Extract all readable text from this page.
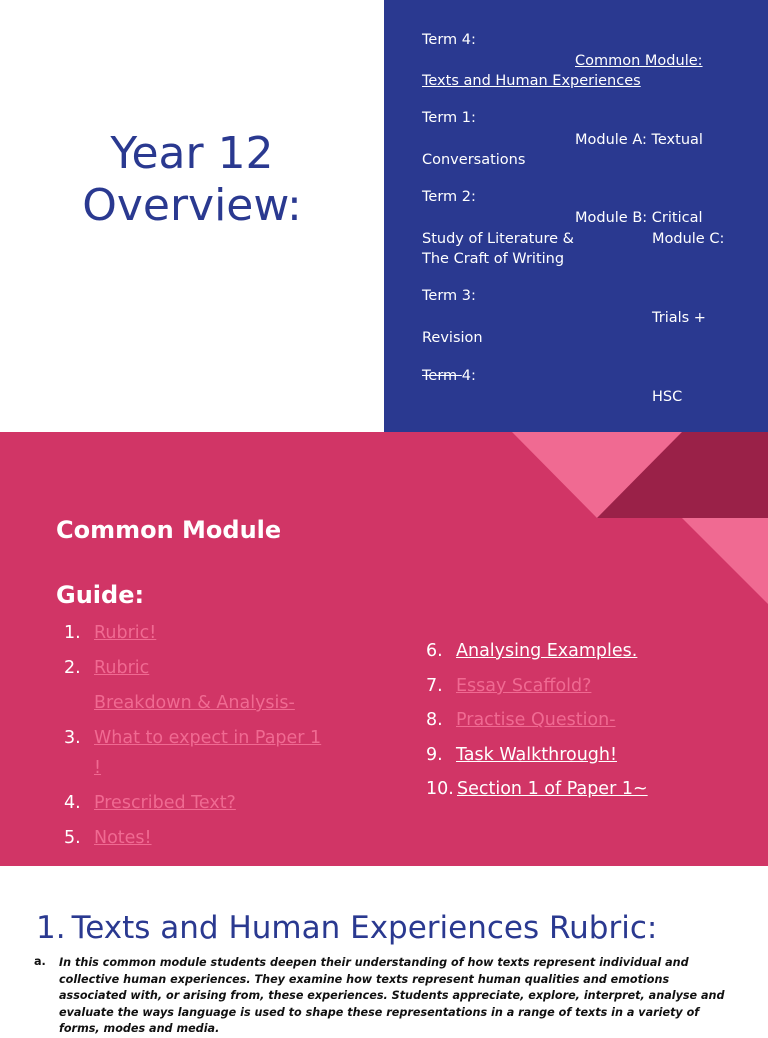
Year 12
Overview:
Term 4:
Common Module:
Texts and Human Experiences
Term 1:
Module A: Textual
Conversations
Term 2:
Module B: Critical
Study of Literature &	Module C:
The Craft of Writing
Term 3:
Trials +
Revision
Term 4:
HSC
Common Module
Guide:
1. Rubric!
2. Rubric
Breakdown & Analysis-
3. What to expect in Paper 1
!
4. Prescribed Text?
5. Notes!
6. Analysing Examples.
7. Essay Scaffold?
8. Practise Question-
9. Task Walkthrough!
10. Section 1 of Paper 1~
1. Texts and Human Experiences Rubric:
a. In this common module students deepen their understanding of how texts represent individual and collective human experiences. They examine how texts represent human qualities and emotions associated with, or arising from, these experiences. Students appreciate, explore, interpret, analyse and evaluate the ways language is used to shape these representations in a range of texts in a variety of forms, modes and media.
